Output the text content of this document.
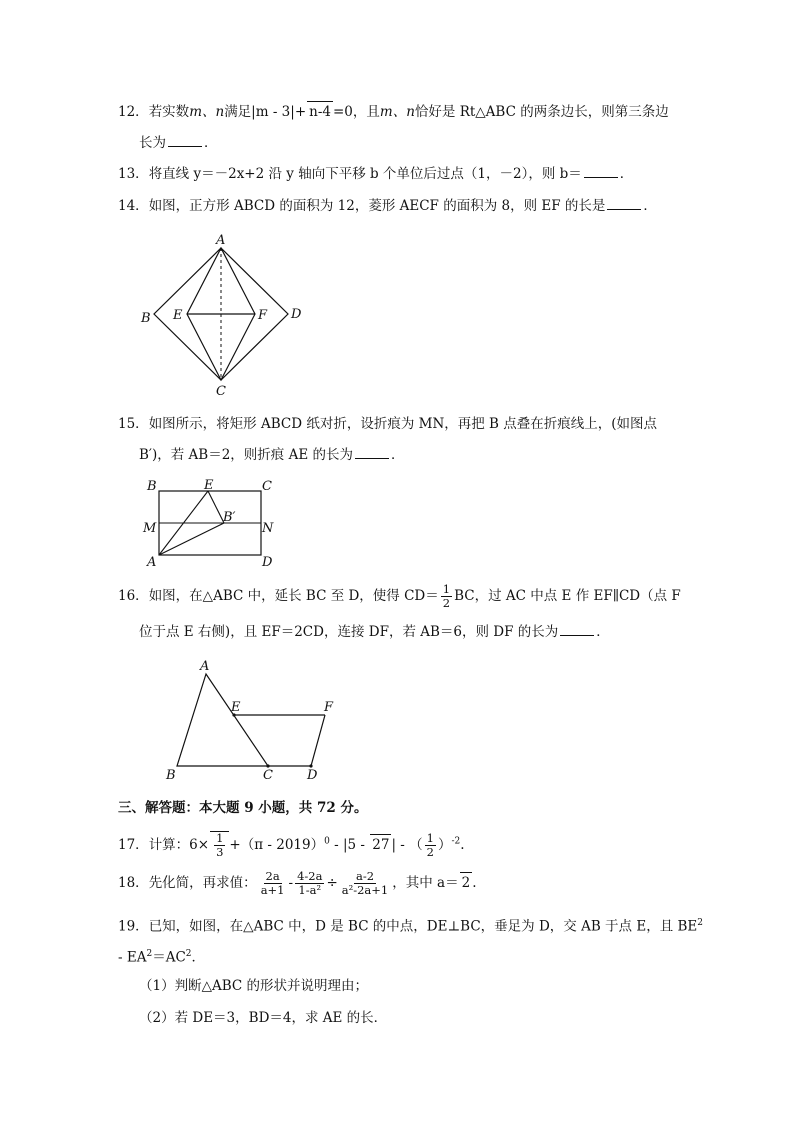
12．若实数m、n满足|m - 3|+ n-4 =0，且m、n恰好是 Rt△ABC 的两条边长，则第三条边
长为	．
13．将直线 y＝－2x+2 沿 y 轴向下平移 b 个单位后过点（1，－2），则 b＝	．
14．如图，正方形 ABCD 的面积为 12，菱形 AECF 的面积为 8，则 EF 的长是	．
A
B E	F D
C
15．如图所示，将矩形 ABCD 纸对折，设折痕为 MN，再把 B 点叠在折痕线上，(如图点
B′)，若 AB＝2，则折痕 AE 的长为	．
B	E	C
M
B′
N
A	D
16．如图，在△ABC 中，延长 BC 至 D，使得 $CD= \frac{1}{2}$ BC，过 AC 中点 E 作 EF∥CD（点 F
位于点 E 右侧)，且 EF＝2CD，连接 DF，若 AB＝6，则 DF 的长为	．
A
E	F
B	C	D
三、解答题：本大题 9 小题，共 72 分。
17．计算：$6\times \frac{1}{3} +(\pi - 2019)^0 - |5 - 27$ | - （ $\frac{1}{2} )^{-2}$.
18．先化简，再求值： $\frac{2a}{a+1} - \frac{4-2a}{\text{1-a²}} \div \frac{a-2}{\text{a²-2a+1}}$ ，其中 a＝ 2 .
19．已知，如图，在△ABC 中，D 是 BC 的中点，DE⊥BC，垂足为 D，交 AB 于点 E，且 $BE^2$
- $EA^2=AC^2$．
（1）判断△ABC 的形状并说明理由；
（2）若 DE＝3，BD＝4，求 AE 的长．
